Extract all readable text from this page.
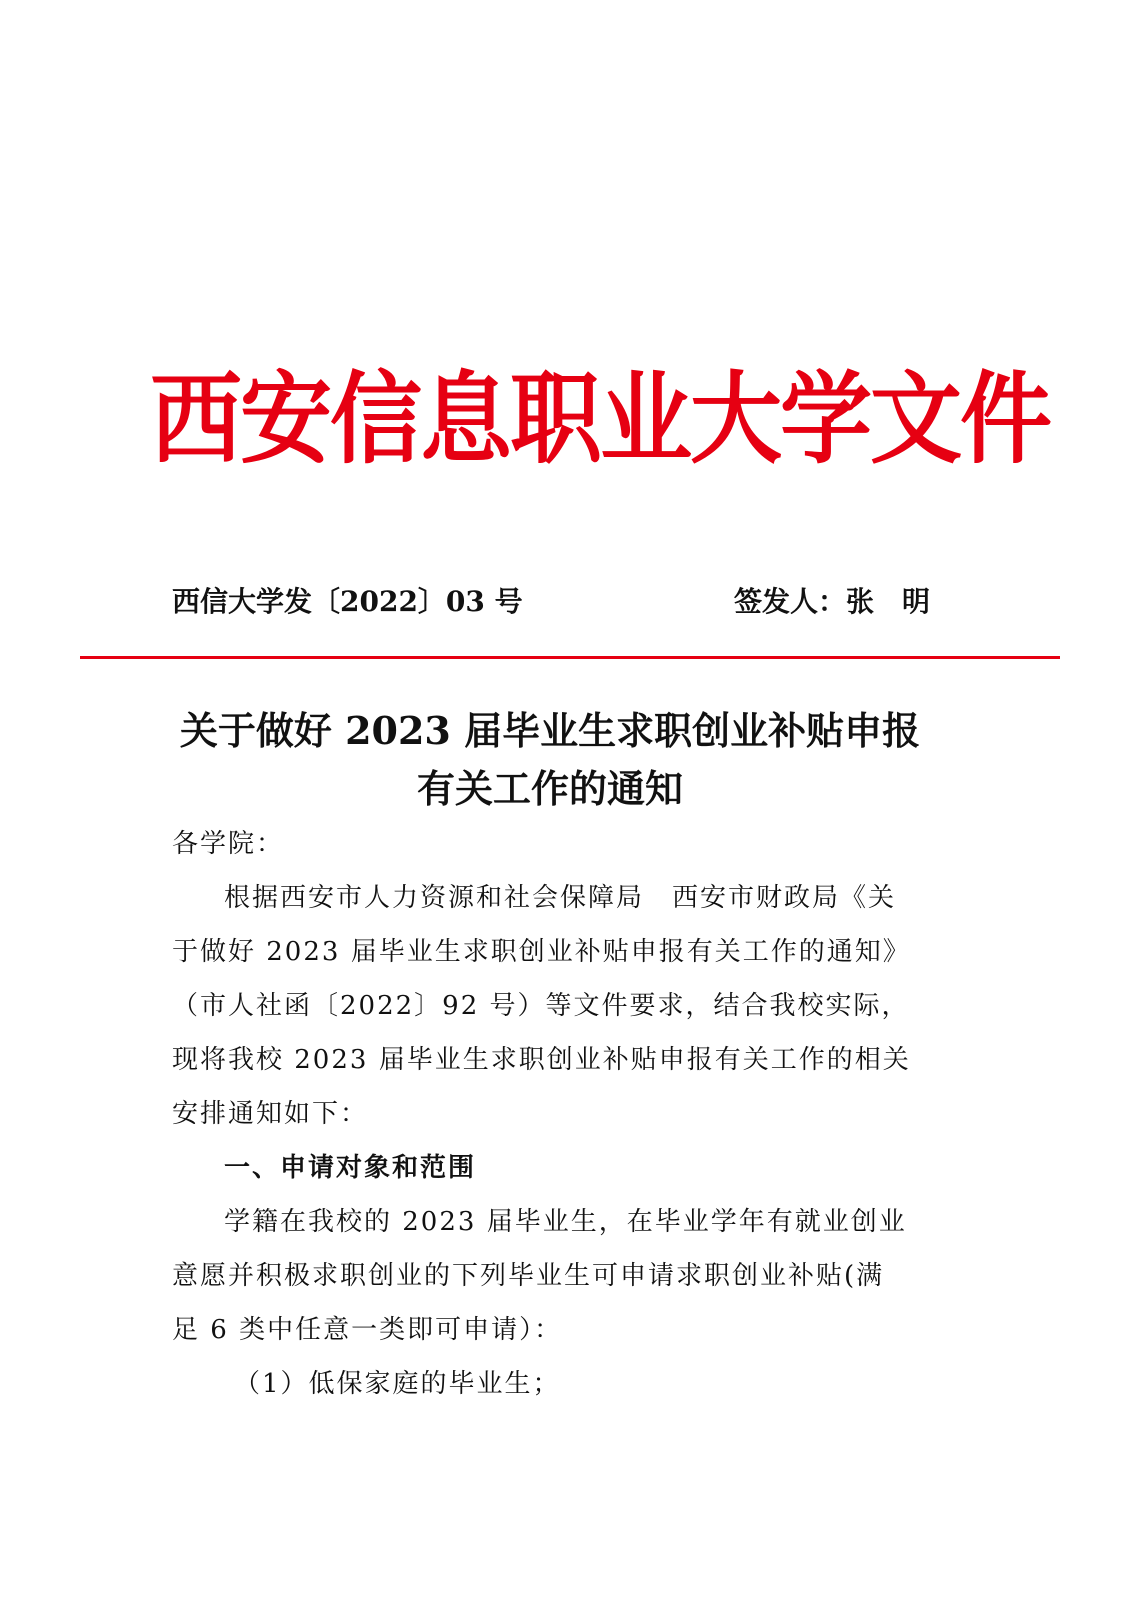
西安信息职业大学文件
西信大学发〔2022〕03 号	签发人：张　明
关于做好 2023 届毕业生求职创业补贴申报
有关工作的通知
各学院：
根据西安市人力资源和社会保障局　西安市财政局《关
于做好 2023 届毕业生求职创业补贴申报有关工作的通知》
（市人社函〔2022〕92 号）等文件要求，结合我校实际，
现将我校 2023 届毕业生求职创业补贴申报有关工作的相关
安排通知如下：
一、申请对象和范围
学籍在我校的 2023 届毕业生，在毕业学年有就业创业
意愿并积极求职创业的下列毕业生可申请求职创业补贴(满
足 6 类中任意一类即可申请）：
（1）低保家庭的毕业生；
